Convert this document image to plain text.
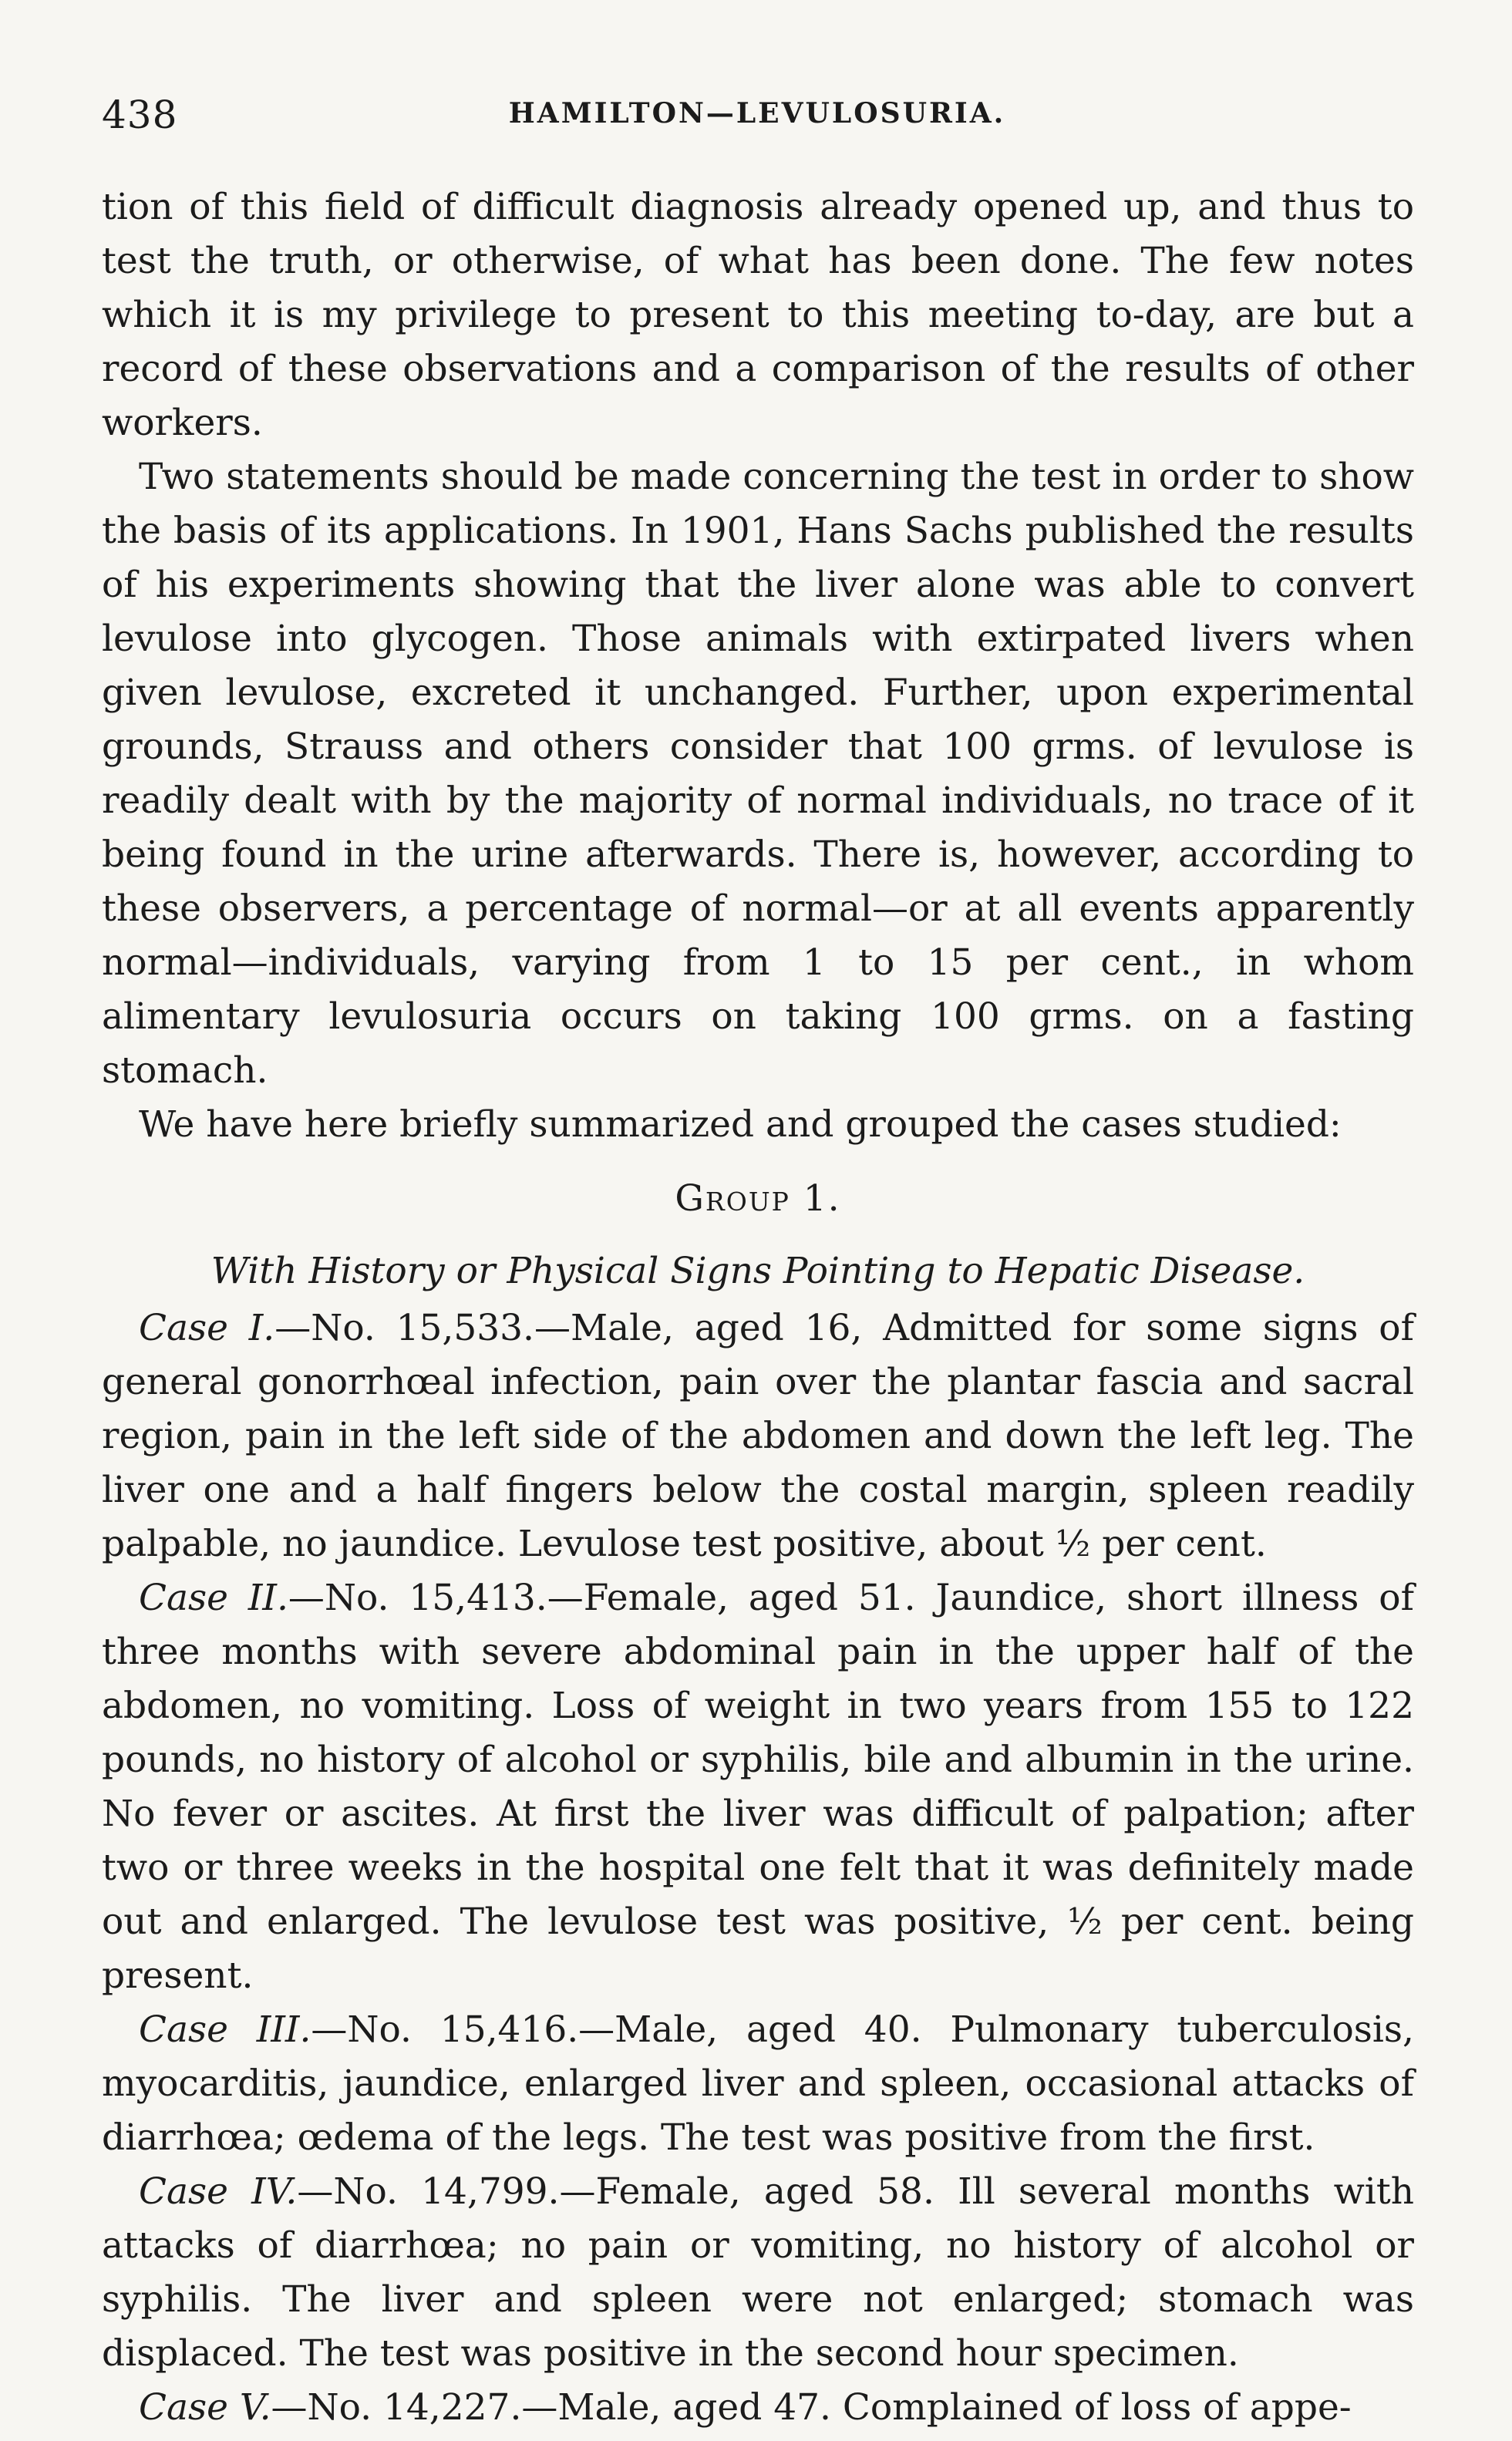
438	HAMILTON—LEVULOSURIA.

tion of this field of difficult diagnosis already opened up, and thus to test the truth, or otherwise, of what has been done. The few notes which it is my privilege to present to this meeting to-day, are but a record of these observations and a comparison of the results of other workers.

Two statements should be made concerning the test in order to show the basis of its applications. In 1901, Hans Sachs published the results of his experiments showing that the liver alone was able to convert levulose into glycogen. Those animals with extirpated livers when given levulose, excreted it unchanged. Further, upon experimental grounds, Strauss and others consider that 100 grms. of levulose is readily dealt with by the majority of normal individuals, no trace of it being found in the urine afterwards. There is, however, according to these observers, a percentage of normal—or at all events apparently normal—individuals, varying from 1 to 15 per cent., in whom alimentary levulosuria occurs on taking 100 grms. on a fasting stomach.

We have here briefly summarized and grouped the cases studied:

Group 1.

With History or Physical Signs Pointing to Hepatic Disease.

Case I.—No. 15,533.—Male, aged 16, Admitted for some signs of general gonorrhœal infection, pain over the plantar fascia and sacral region, pain in the left side of the abdomen and down the left leg. The liver one and a half fingers below the costal margin, spleen readily palpable, no jaundice. Levulose test positive, about ½ per cent.

Case II.—No. 15,413.—Female, aged 51. Jaundice, short illness of three months with severe abdominal pain in the upper half of the abdomen, no vomiting. Loss of weight in two years from 155 to 122 pounds, no history of alcohol or syphilis, bile and albumin in the urine. No fever or ascites. At first the liver was difficult of palpation; after two or three weeks in the hospital one felt that it was definitely made out and enlarged. The levulose test was positive, ½ per cent. being present.

Case III.—No. 15,416.—Male, aged 40. Pulmonary tuberculosis, myocarditis, jaundice, enlarged liver and spleen, occasional attacks of diarrhœa; œdema of the legs. The test was positive from the first.

Case IV.—No. 14,799.—Female, aged 58. Ill several months with attacks of diarrhœa; no pain or vomiting, no history of alcohol or syphilis. The liver and spleen were not enlarged; stomach was displaced. The test was positive in the second hour specimen.

Case V.—No. 14,227.—Male, aged 47. Complained of loss of appe-
